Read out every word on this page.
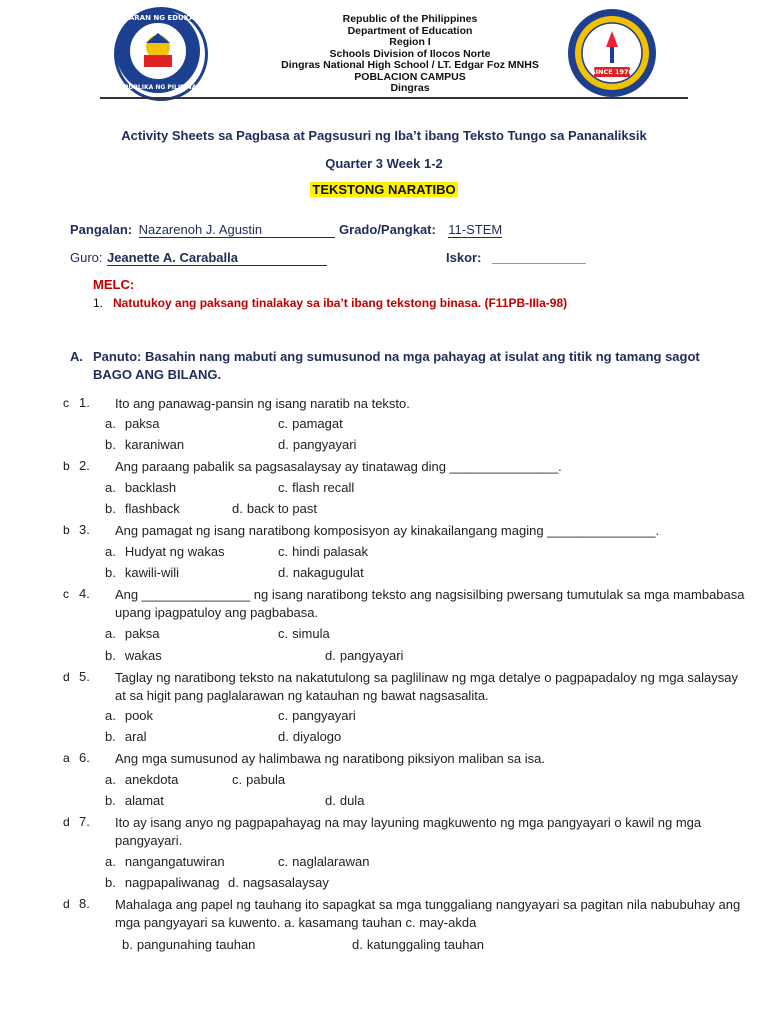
KAGAWARAN NG EDUKASYON
REPUBLIKA NG PILIPINAS
Republic of the Philippines
Department of Education
Region I
Schools Division of Ilocos Norte
Dingras National High School / LT. Edgar Foz MNHS
POBLACION CAMPUS
Dingras
SINCE 1978
Activity Sheets sa Pagbasa at Pagsusuri ng Iba’t ibang Teksto Tungo sa Pananaliksik
Quarter 3 Week 1-2
TEKSTONG NARATIBO
Pangalan: Nazarenoh J. Agustin	Grado/Pangkat: 11-STEM
Guro: Jeanette A. Caraballa	Iskor: _____________
MELC:
1. Natutukoy ang paksang tinalakay sa iba’t ibang tekstong binasa. (F11PB-IIIa-98)
A. Panuto: Basahin nang mabuti ang sumusunod na mga pahayag at isulat ang titik ng tamang sagot
BAGO ANG BILANG.
c 1. Ito ang panawag-pansin ng isang naratib na teksto.
a. paksa	c. pamagat
b. karaniwan	d. pangyayari
b 2. Ang paraang pabalik sa pagsasalaysay ay tinatawag ding _______________.
a. backlash	c. flash recall
b. flashback	d. back to past
b 3. Ang pamagat ng isang naratibong komposisyon ay kinakailangang maging _______________.
a. Hudyat ng wakas	c. hindi palasak
b. kawili-wili	d. nakagugulat
c 4. Ang _______________ ng isang naratibong teksto ang nagsisilbing pwersang tumutulak sa mga mambabasa
upang ipagpatuloy ang pagbabasa.
a. paksa	c. simula
b. wakas	d. pangyayari
d 5. Taglay ng naratibong teksto na nakatutulong sa paglilinaw ng mga detalye o pagpapadaloy ng mga salaysay
at sa higit pang paglalarawan ng katauhan ng bawat nagsasalita.
a. pook	c. pangyayari
b. aral	d. diyalogo
a 6. Ang mga sumusunod ay halimbawa ng naratibong piksiyon maliban sa isa.
a. anekdota	c. pabula
b. alamat	d. dula
d 7. Ito ay isang anyo ng pagpapahayag na may layuning magkuwento ng mga pangyayari o kawil ng mga
pangyayari.
a. nangangatuwiran	c. naglalarawan
b. nagpapaliwanag d. nagsasalaysay
d 8. Mahalaga ang papel ng tauhang ito sapagkat sa mga tunggaliang nangyayari sa pagitan nila nabubuhay ang
mga pangyayari sa kuwento. a. kasamang tauhan c. may-akda
b. pangunahing tauhan	d. katunggaling tauhan
